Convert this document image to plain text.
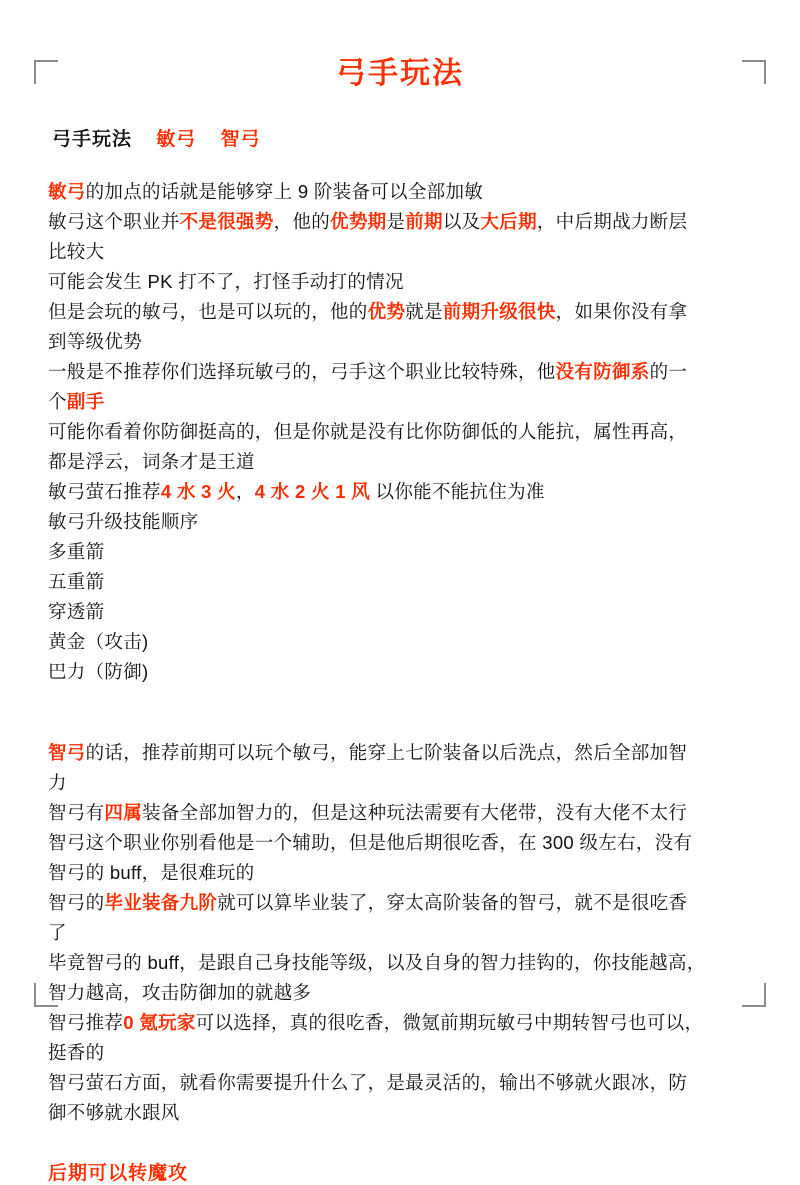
弓手玩法
弓手玩法 敏弓 智弓

敏弓的加点的话就是能够穿上 9 阶装备可以全部加敏

敏弓这个职业并不是很强势，他的优势期是前期以及大后期，中后期战力断层

比较大

可能会发生 PK 打不了，打怪手动打的情况

但是会玩的敏弓，也是可以玩的，他的优势就是前期升级很快，如果你没有拿

到等级优势

一般是不推荐你们选择玩敏弓的，弓手这个职业比较特殊，他没有防御系的一

个副手

可能你看着你防御挺高的，但是你就是没有比你防御低的人能抗，属性再高，

都是浮云，词条才是王道

敏弓萤石推荐4 水 3 火，4 水 2 火 1 风 以你能不能抗住为准

敏弓升级技能顺序

多重箭

五重箭

穿透箭

黄金（攻击)

巴力（防御)

智弓的话，推荐前期可以玩个敏弓，能穿上七阶装备以后洗点，然后全部加智

力

智弓有四属装备全部加智力的，但是这种玩法需要有大佬带，没有大佬不太行

智弓这个职业你别看他是一个辅助，但是他后期很吃香，在 300 级左右，没有

智弓的 buff，是很难玩的

智弓的毕业装备九阶就可以算毕业装了，穿太高阶装备的智弓，就不是很吃香

了

毕竟智弓的 buff，是跟自己身技能等级，以及自身的智力挂钩的，你技能越高，

智力越高，攻击防御加的就越多

智弓推荐0 氪玩家可以选择，真的很吃香，微氪前期玩敏弓中期转智弓也可以，

挺香的

智弓萤石方面，就看你需要提升什么了，是最灵活的，输出不够就火跟冰，防

御不够就水跟风

后期可以转魔攻
